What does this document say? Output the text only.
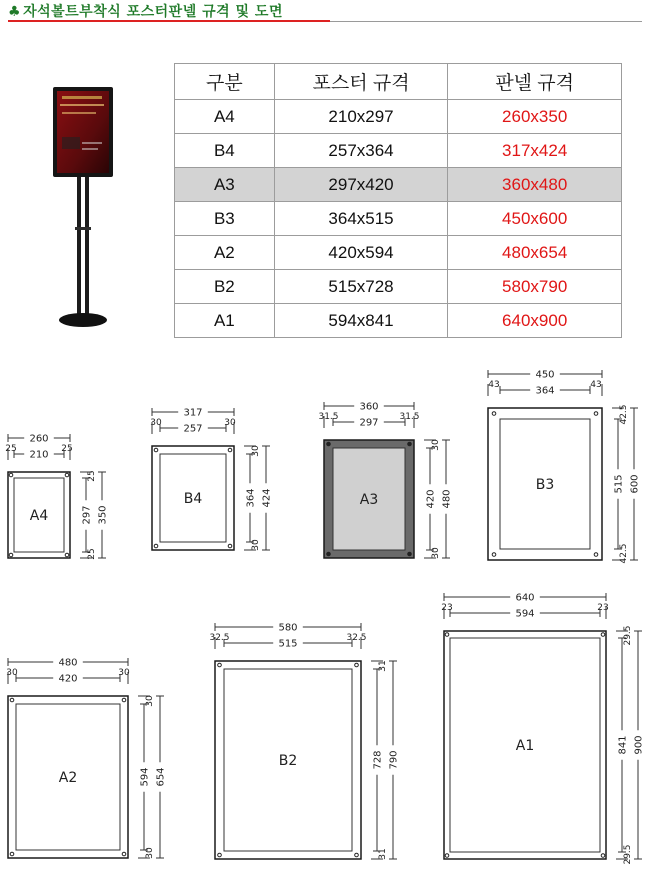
♣ 자석볼트부착식 포스터판넬 규격 및 도면
구분	포스터 규격	판넬 규격
A4	210x297	260x350
B4	257x364	317x424
A3	297x420	360x480
B3	364x515	450x600
A2	420x594	480x654
B2	515x728	580x790
A1	594x841	640x900
A4
260
210
25	25
297 350
25
25
B4
317
257
30	30
364 424
30
30
A3
360
297
31.5	31.5
420 480
30
30
B3
450
364
43	43
515 600
42.5
42.5
A2
480
420
30	30
594 654
30
30
B2
580
515
32.5	32.5
728 790
31
31
A1
640
594
23	23
841 900
29.5
29.5
